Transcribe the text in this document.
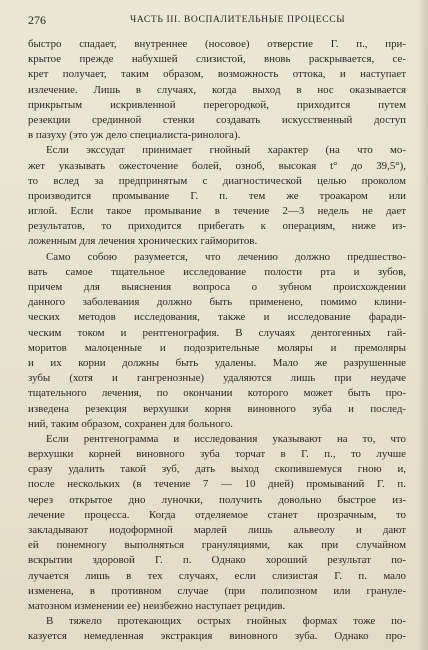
276	ЧАСТЬ III. ВОСПАЛИТЕЛЬНЫЕ ПРОЦЕССЫ

быстро спадает, внутреннее (носовое) отверстие Г. п., при-
крытое прежде набухшей слизистой, вновь раскрывается, се-
крет получает, таким образом, возможность оттока, и наступает
излечение. Лишь в случаях, когда выход в нос оказывается
прикрытым искривленной перегородкой, приходится путем
резекции срединной стенки создавать искусственный доступ
в пазуху (это уж дело специалиста-ринолога).

Если экссудат принимает гнойный характер (на что мо-
жет указывать ожесточение болей, озноб, высокая t° до 39,5°),
то вслед за предпринятым с диагностической целью проколом
производится промывание Г. п. тем же троакаром или
иглой. Если такое промывание в течение 2—3 недель не дает
результатов, то приходится прибегать к операциям, ниже из-
ложенным для лечения хронических гайморитов.

Само собою разумеется, что лечению должно предшество-
вать самое тщательное исследование полости рта и зубов,
причем для выяснения вопроса о зубном происхождении
данного заболевания должно быть применено, помимо клини-
ческих методов исследования, также и исследование фаради-
ческим током и рентгенография. В случаях дентогенных гай-
моритов малоценные и подозрительные моляры и премоляры
и их корни должны быть удалены. Мало же разрушенные
зубы (хотя и гангренозные) удаляются лишь при неудаче
тщательного лечения, по окончании которого может быть про-
изведена резекция верхушки корня виновного зуба и послед-
ний, таким образом, сохранен для больного.

Если рентгенограмма и исследования указывают на то, что
верхушки корней виновного зуба торчат в Г. п., то лучше
сразу удалить такой зуб, дать выход скопившемуся гною и,
после нескольких (в течение 7 — 10 дней) промываний Г. п.
через открытое дно луночки, получить довольно быстрое из-
лечение процесса. Когда отделяемое станет прозрачным, то
закладывают иодоформной марлей лишь альвеолу и дают
ей понемногу выполняться грануляциями, как при случайном
вскрытии здоровой Г. п. Однако хороший результат по-
лучается лишь в тех случаях, если слизистая Г. п. мало
изменена, в противном случае (при полипозном или грануле-
матозном изменении ее) неизбежно наступает рецидив.

В тяжело протекающих острых гнойных формах тоже по-
казуется немедленная экстракция виновного зуба. Однако про-
